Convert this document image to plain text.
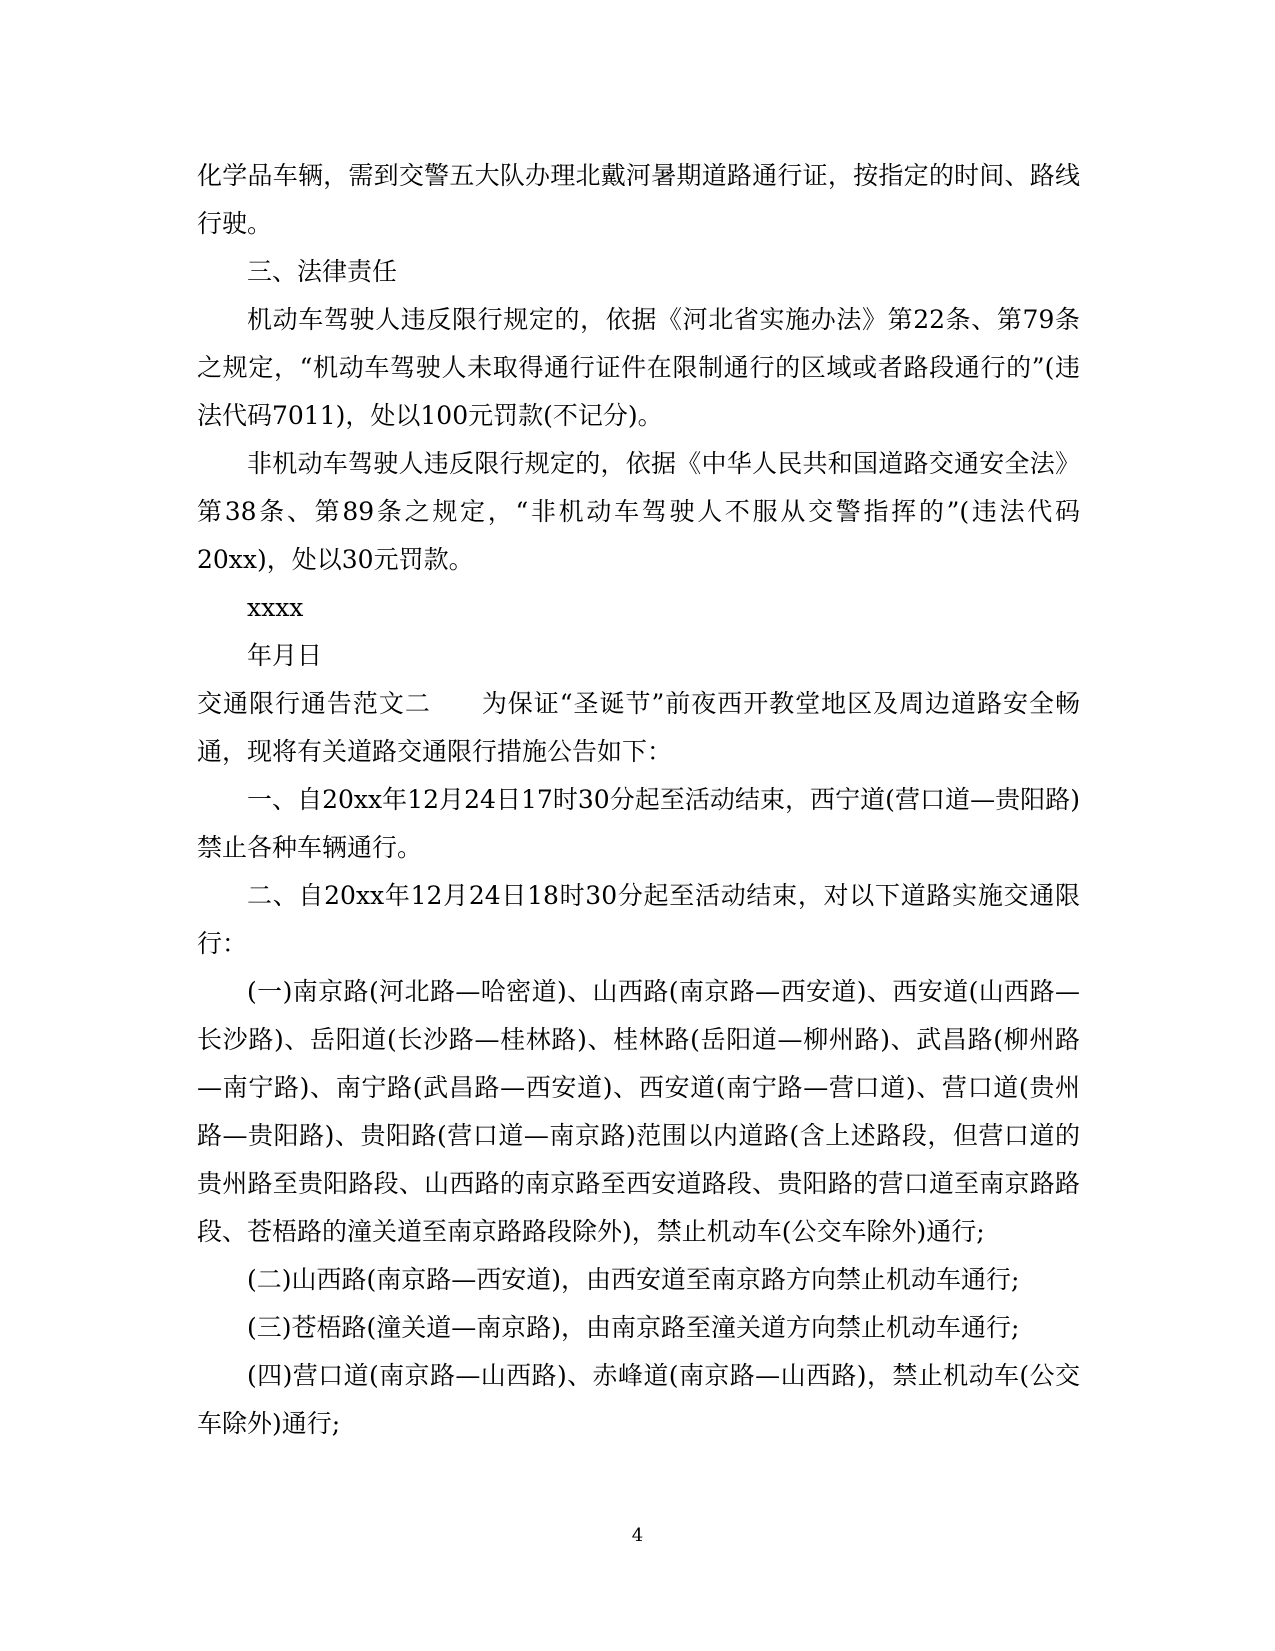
化学品车辆，需到交警五大队办理北戴河暑期道路通行证，按指定的时间、路线行驶。

三、法律责任

机动车驾驶人违反限行规定的，依据《河北省实施办法》第22条、第79条之规定，“机动车驾驶人未取得通行证件在限制通行的区域或者路段通行的”(违法代码7011)，处以100元罚款(不记分)。

非机动车驾驶人违反限行规定的，依据《中华人民共和国道路交通安全法》第38条、第89条之规定，“非机动车驾驶人不服从交警指挥的”(违法代码20xx)，处以30元罚款。

xxxx

年月日

交通限行通告范文二 为保证“圣诞节”前夜西开教堂地区及周边道路安全畅通，现将有关道路交通限行措施公告如下：

一、自20xx年12月24日17时30分起至活动结束，西宁道(营口道—贵阳路)禁止各种车辆通行。

二、自20xx年12月24日18时30分起至活动结束，对以下道路实施交通限行：

(一)南京路(河北路—哈密道)、山西路(南京路—西安道)、西安道(山西路—长沙路)、岳阳道(长沙路—桂林路)、桂林路(岳阳道—柳州路)、武昌路(柳州路—南宁路)、南宁路(武昌路—西安道)、西安道(南宁路—营口道)、营口道(贵州路—贵阳路)、贵阳路(营口道—南京路)范围以内道路(含上述路段，但营口道的贵州路至贵阳路段、山西路的南京路至西安道路段、贵阳路的营口道至南京路路段、苍梧路的潼关道至南京路路段除外)，禁止机动车(公交车除外)通行;

(二)山西路(南京路—西安道)，由西安道至南京路方向禁止机动车通行;

(三)苍梧路(潼关道—南京路)，由南京路至潼关道方向禁止机动车通行;

(四)营口道(南京路—山西路)、赤峰道(南京路—山西路)，禁止机动车(公交车除外)通行;

4
